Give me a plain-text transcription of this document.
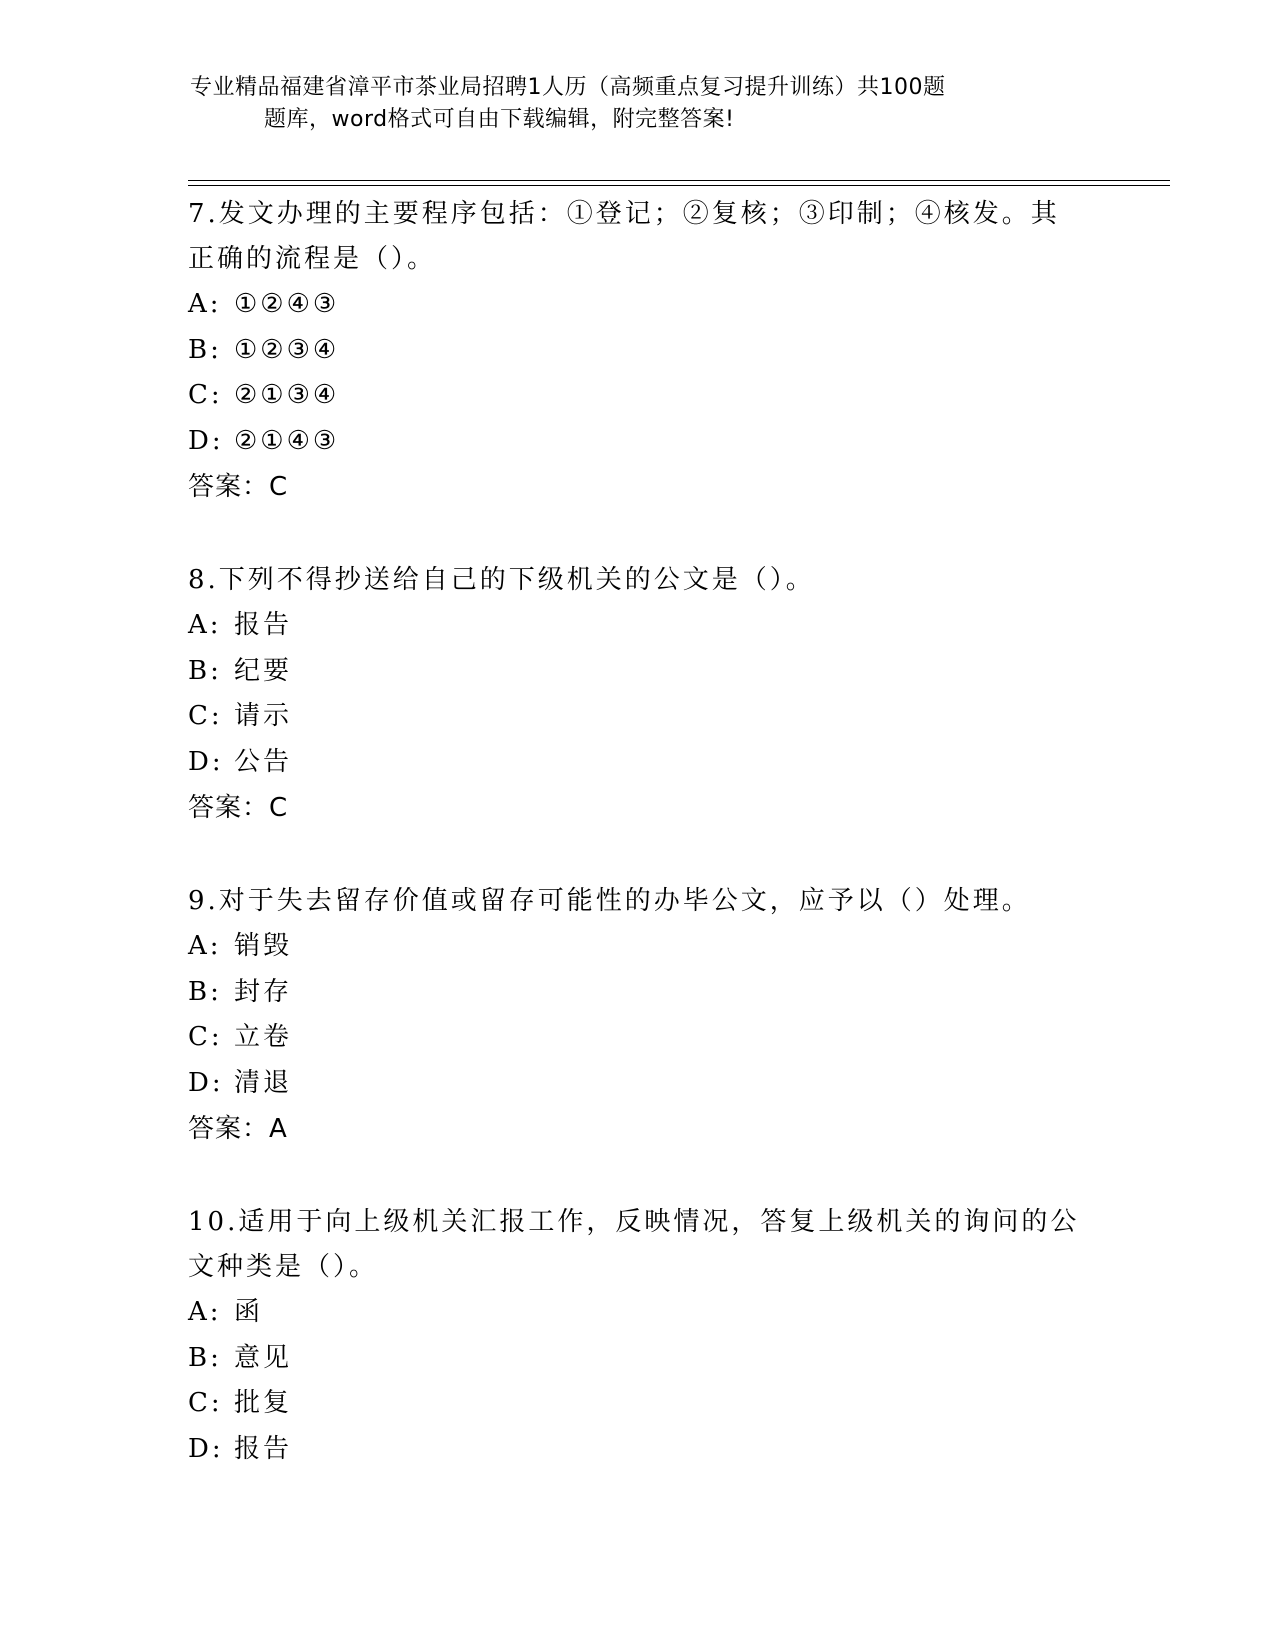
专业精品福建省漳平市茶业局招聘1人历（高频重点复习提升训练）共100题
题库，word格式可自由下载编辑，附完整答案!
7.发文办理的主要程序包括：①登记；②复核；③印制；④核发。其正确的流程是（）。
A: ①②④③
B: ①②③④
C: ②①③④
D: ②①④③
答案：C
8.下列不得抄送给自己的下级机关的公文是（）。
A: 报告
B: 纪要
C: 请示
D: 公告
答案：C
9.对于失去留存价值或留存可能性的办毕公文，应予以（）处理。
A: 销毁
B: 封存
C: 立卷
D: 清退
答案：A
10.适用于向上级机关汇报工作，反映情况，答复上级机关的询问的公文种类是（）。
A: 函
B: 意见
C: 批复
D: 报告
